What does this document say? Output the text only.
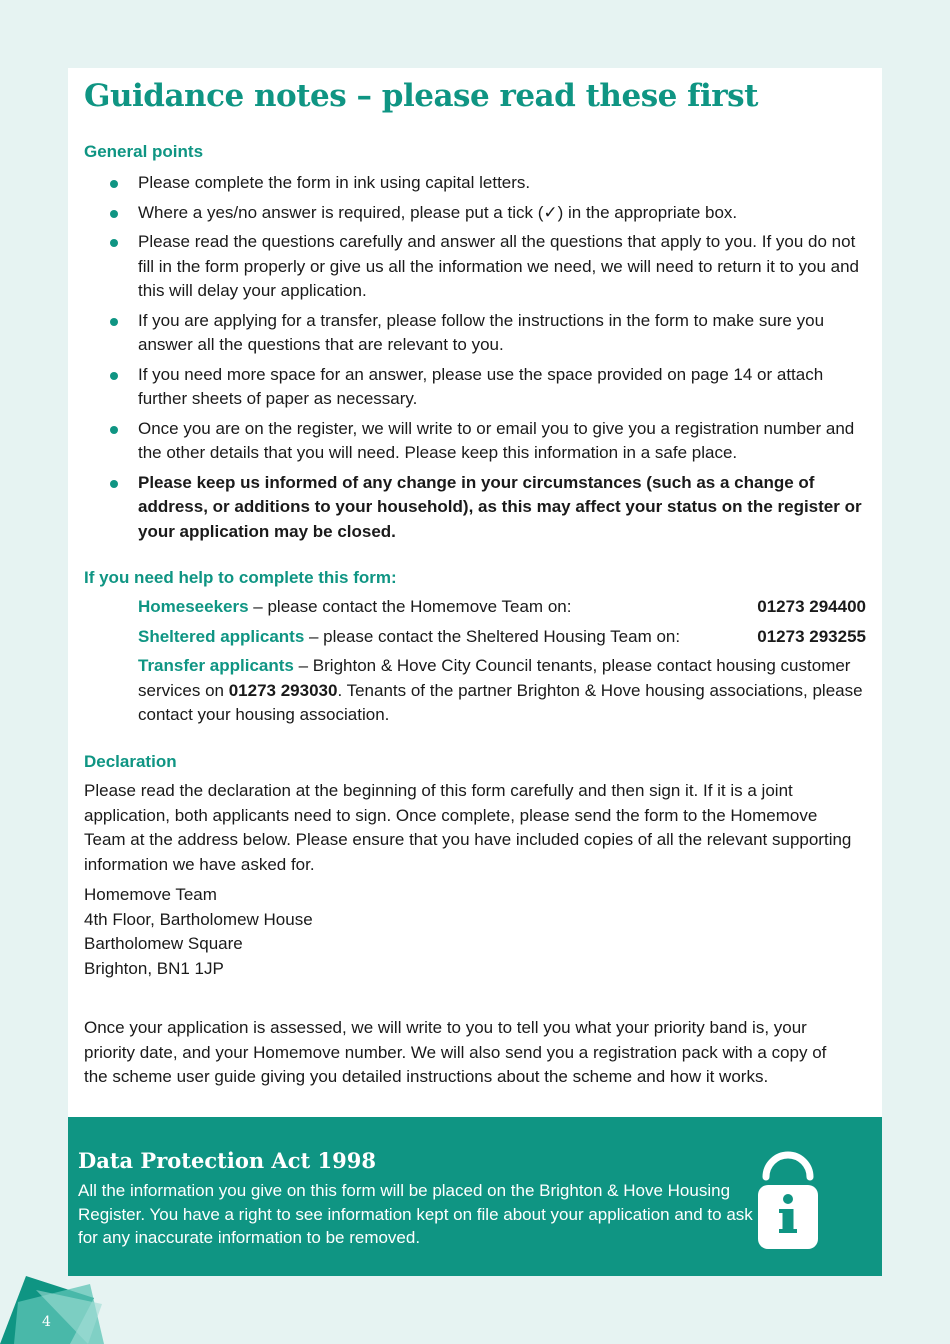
Guidance notes – please read these first
General points
Please complete the form in ink using capital letters.
Where a yes/no answer is required, please put a tick (✓) in the appropriate box.
Please read the questions carefully and answer all the questions that apply to you. If you do not fill in the form properly or give us all the information we need, we will need to return it to you and this will delay your application.
If you are applying for a transfer, please follow the instructions in the form to make sure you answer all the questions that are relevant to you.
If you need more space for an answer, please use the space provided on page 14 or attach further sheets of paper as necessary.
Once you are on the register, we will write to or email you to give you a registration number and the other details that you will need. Please keep this information in a safe place.
Please keep us informed of any change in your circumstances (such as a change of address, or additions to your household), as this may affect your status on the register or your application may be closed.
If you need help to complete this form:
Homeseekers – please contact the Homemove Team on:	01273 294400
Sheltered applicants – please contact the Sheltered Housing Team on:	01273 293255
Transfer applicants – Brighton & Hove City Council tenants, please contact housing customer services on 01273 293030. Tenants of the partner Brighton & Hove housing associations, please contact your housing association.
Declaration

Please read the declaration at the beginning of this form carefully and then sign it. If it is a joint application, both applicants need to sign. Once complete, please send the form to the Homemove Team at the address below. Please ensure that you have included copies of all the relevant supporting information we have asked for.

Homemove Team
4th Floor, Bartholomew House
Bartholomew Square
Brighton, BN1 1JP

Once your application is assessed, we will write to you to tell you what your priority band is, your priority date, and your Homemove number. We will also send you a registration pack with a copy of the scheme user guide giving you detailed instructions about the scheme and how it works.

Data Protection Act 1998

All the information you give on this form will be placed on the Brighton & Hove Housing Register. You have a right to see information kept on file about your application and to ask for any inaccurate information to be removed.

4
